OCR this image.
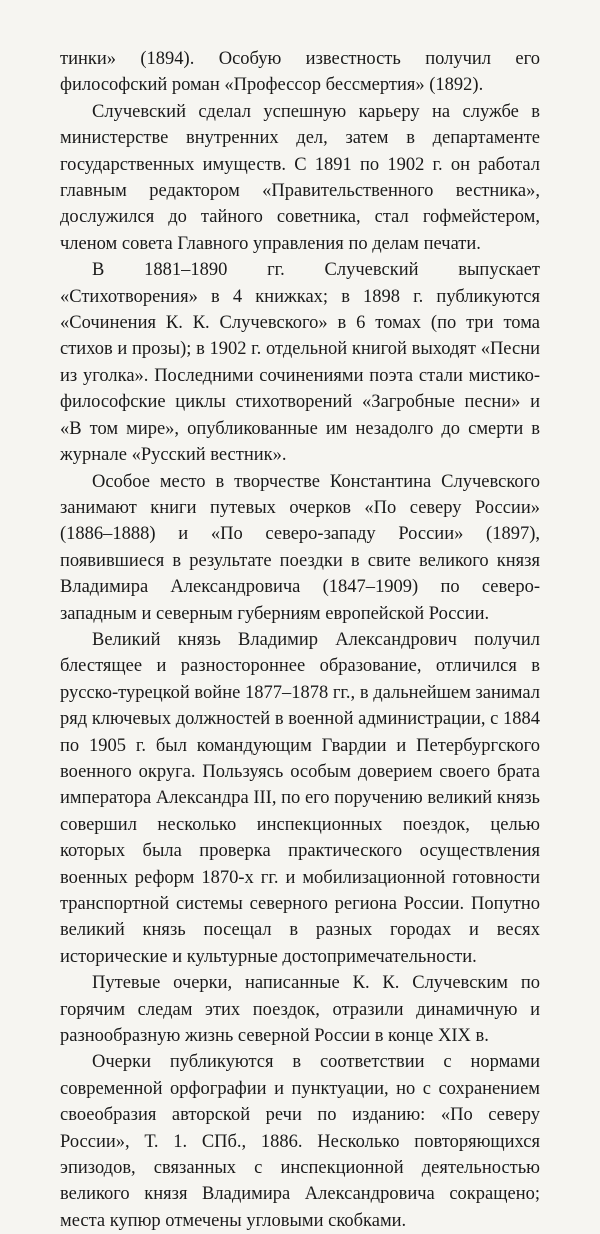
тинки» (1894). Особую известность получил его философский роман «Профессор бессмертия» (1892).

Случевский сделал успешную карьеру на службе в министерстве внутренних дел, затем в департаменте государственных имуществ. С 1891 по 1902 г. он работал главным редактором «Правительственного вестника», дослужился до тайного советника, стал гофмейстером, членом совета Главного управления по делам печати.

В 1881–1890 гг. Случевский выпускает «Стихотворения» в 4 книжках; в 1898 г. публикуются «Сочинения К. К. Случевского» в 6 томах (по три тома стихов и прозы); в 1902 г. отдельной книгой выходят «Песни из уголка». Последними сочинениями поэта стали мистико-философские циклы стихотворений «Загробные песни» и «В том мире», опубликованные им незадолго до смерти в журнале «Русский вестник».

Особое место в творчестве Константина Случевского занимают книги путевых очерков «По северу России» (1886–1888) и «По северо-западу России» (1897), появившиеся в результате поездки в свите великого князя Владимира Александровича (1847–1909) по северо-западным и северным губерниям европейской России.

Великий князь Владимир Александрович получил блестящее и разностороннее образование, отличился в русско-турецкой войне 1877–1878 гг., в дальнейшем занимал ряд ключевых должностей в военной администрации, с 1884 по 1905 г. был командующим Гвардии и Петербургского военного округа. Пользуясь особым доверием своего брата императора Александра III, по его поручению великий князь совершил несколько инспекционных поездок, целью которых была проверка практического осуществления военных реформ 1870-х гг. и мобилизационной готовности транспортной системы северного региона России. Попутно великий князь посещал в разных городах и весях исторические и культурные достопримечательности.

Путевые очерки, написанные К. К. Случевским по горячим следам этих поездок, отразили динамичную и разнообразную жизнь северной России в конце XIX в.

Очерки публикуются в соответствии с нормами современной орфографии и пунктуации, но с сохранением своеобразия авторской речи по изданию: «По северу России», Т. 1. СПб., 1886. Несколько повторяющихся эпизодов, связанных с инспекционной деятельностью великого князя Владимира Александровича сокращено; места купюр отмечены угловыми скобками.
